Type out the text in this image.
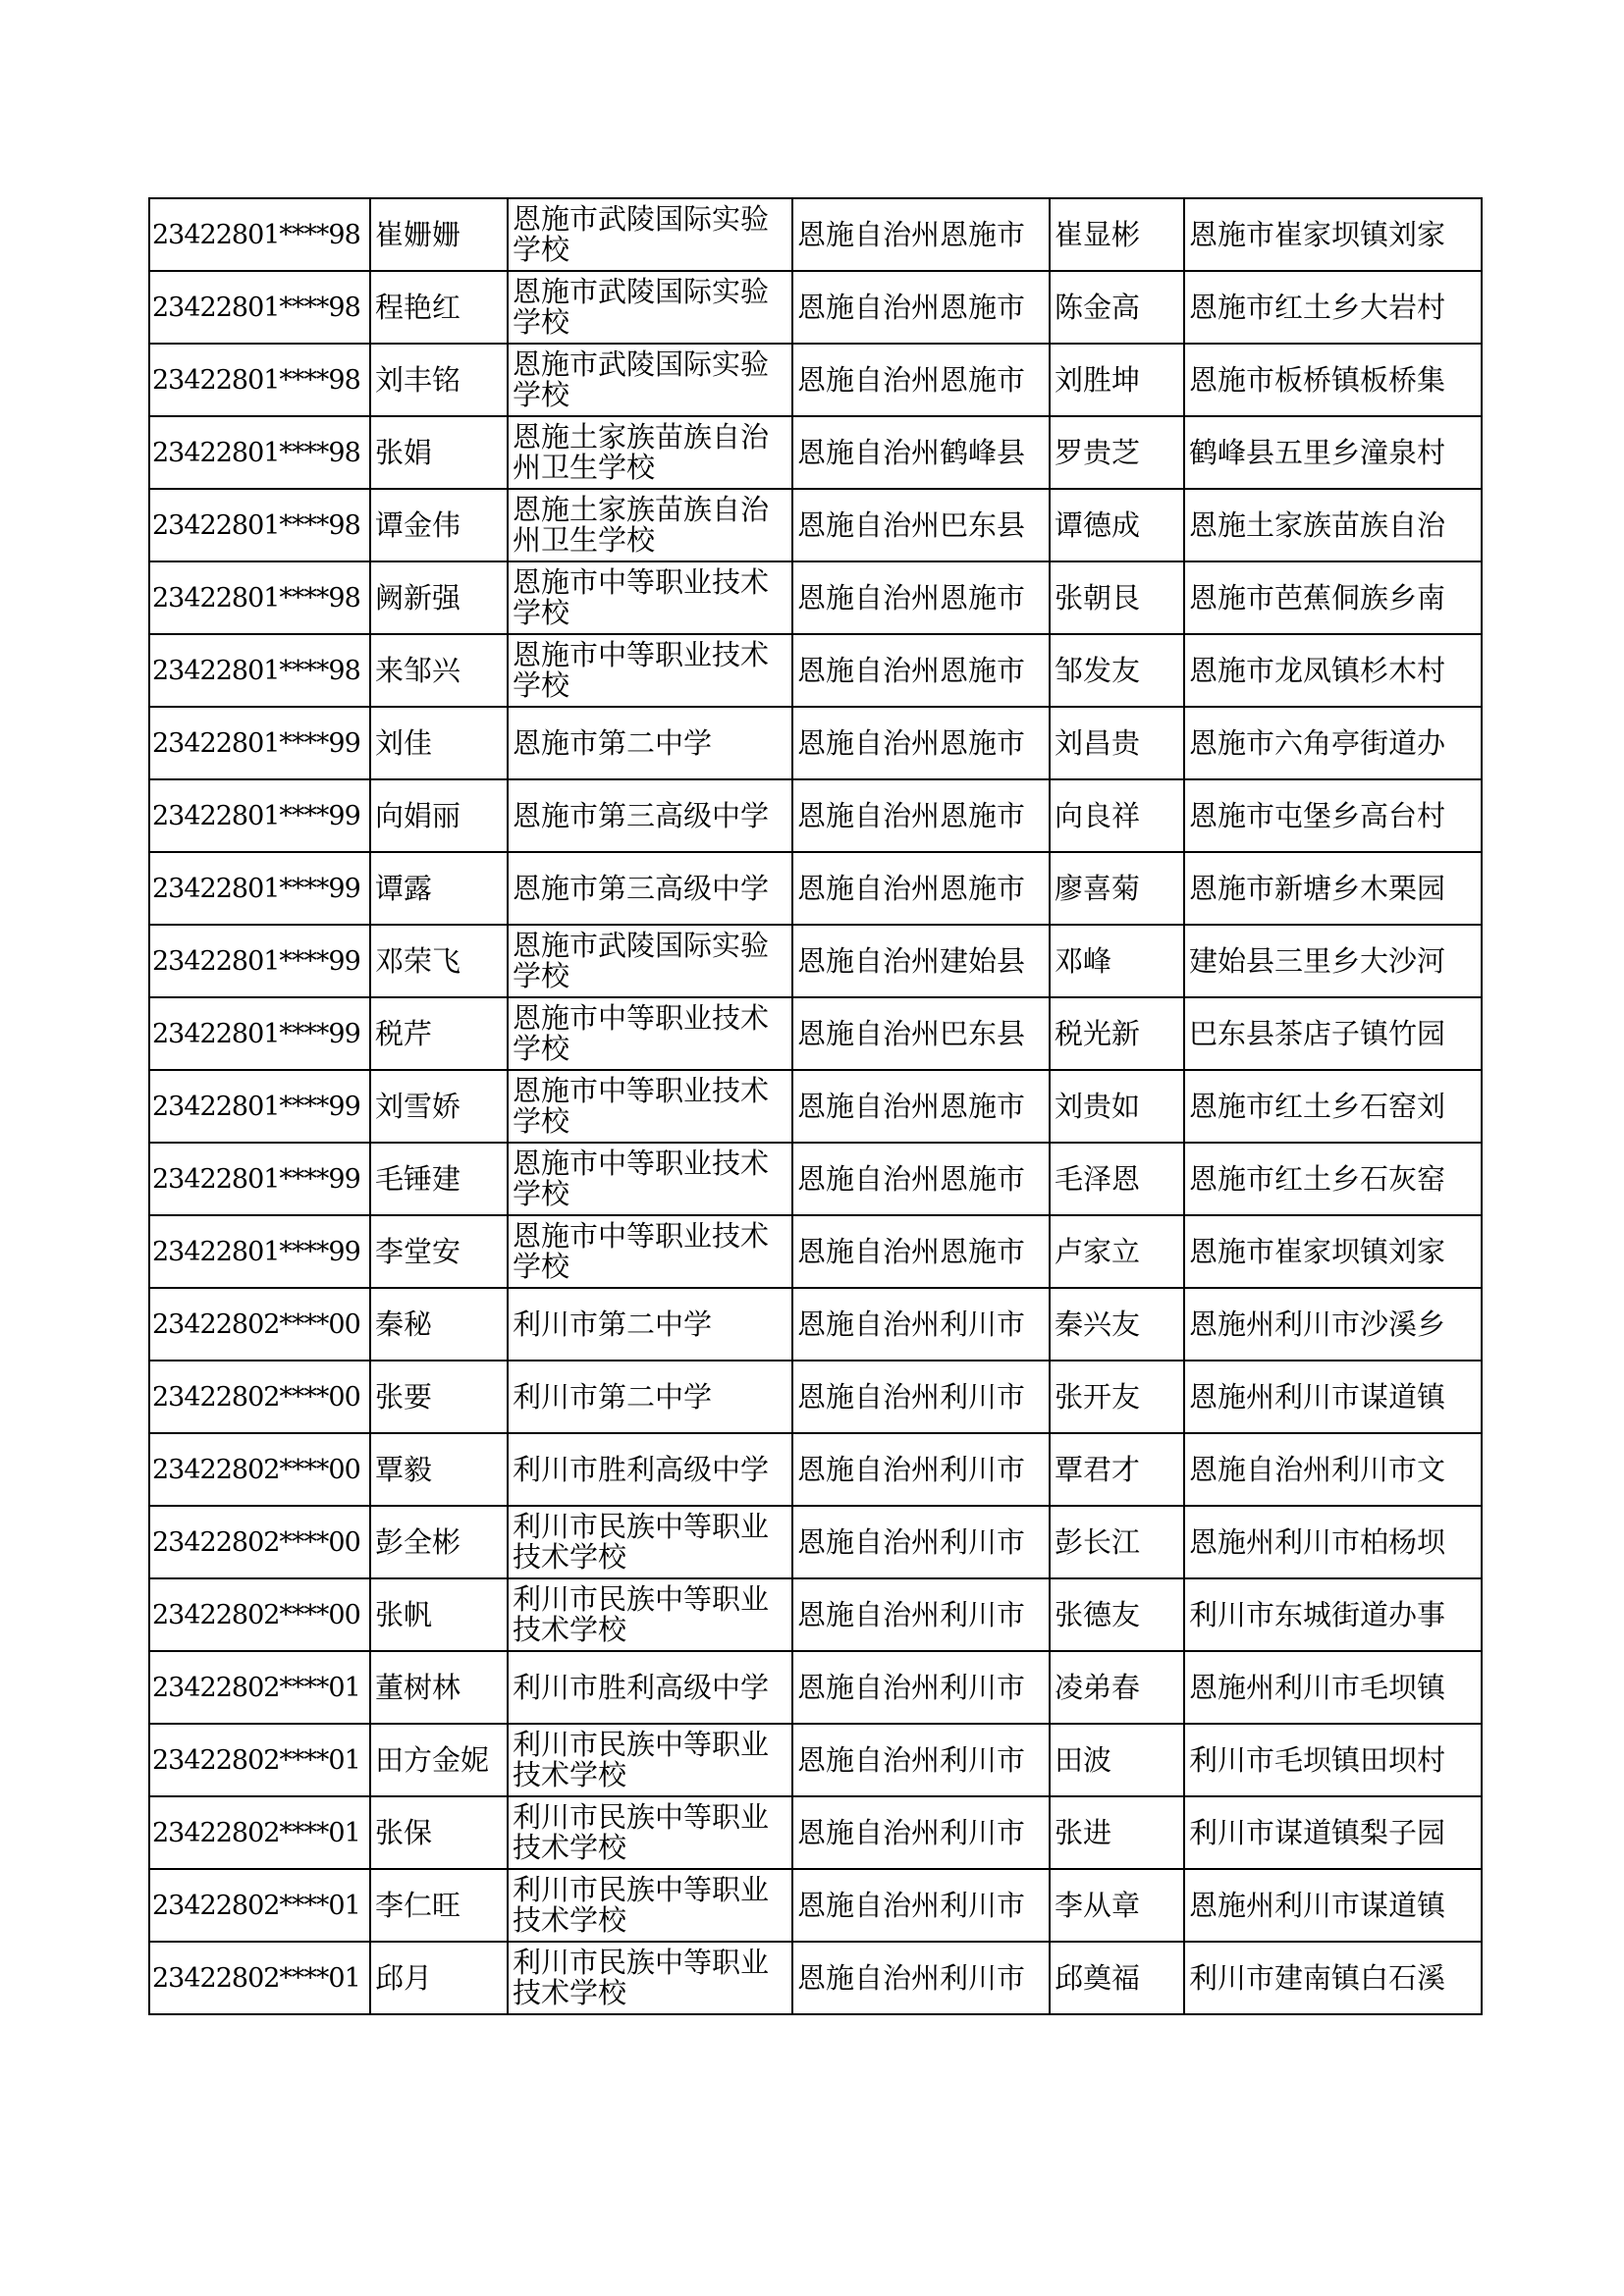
23422801****98	崔姗姗	恩施市武陵国际实验学校	恩施自治州恩施市	崔显彬	恩施市崔家坝镇刘家
23422801****98	程艳红	恩施市武陵国际实验学校	恩施自治州恩施市	陈金高	恩施市红土乡大岩村
23422801****98	刘丰铭	恩施市武陵国际实验学校	恩施自治州恩施市	刘胜坤	恩施市板桥镇板桥集
23422801****98	张娟	恩施土家族苗族自治州卫生学校	恩施自治州鹤峰县	罗贵芝	鹤峰县五里乡潼泉村
23422801****98	谭金伟	恩施土家族苗族自治州卫生学校	恩施自治州巴东县	谭德成	恩施土家族苗族自治
23422801****98	阙新强	恩施市中等职业技术学校	恩施自治州恩施市	张朝艮	恩施市芭蕉侗族乡南
23422801****98	来邹兴	恩施市中等职业技术学校	恩施自治州恩施市	邹发友	恩施市龙凤镇杉木村
23422801****99	刘佳	恩施市第二中学	恩施自治州恩施市	刘昌贵	恩施市六角亭街道办
23422801****99	向娟丽	恩施市第三高级中学	恩施自治州恩施市	向良祥	恩施市屯堡乡高台村
23422801****99	谭露	恩施市第三高级中学	恩施自治州恩施市	廖喜菊	恩施市新塘乡木栗园
23422801****99	邓荣飞	恩施市武陵国际实验学校	恩施自治州建始县	邓峰	建始县三里乡大沙河
23422801****99	税芹	恩施市中等职业技术学校	恩施自治州巴东县	税光新	巴东县茶店子镇竹园
23422801****99	刘雪娇	恩施市中等职业技术学校	恩施自治州恩施市	刘贵如	恩施市红土乡石窑刘
23422801****99	毛锤建	恩施市中等职业技术学校	恩施自治州恩施市	毛泽恩	恩施市红土乡石灰窑
23422801****99	李堂安	恩施市中等职业技术学校	恩施自治州恩施市	卢家立	恩施市崔家坝镇刘家
23422802****00	秦秘	利川市第二中学	恩施自治州利川市	秦兴友	恩施州利川市沙溪乡
23422802****00	张要	利川市第二中学	恩施自治州利川市	张开友	恩施州利川市谋道镇
23422802****00	覃毅	利川市胜利高级中学	恩施自治州利川市	覃君才	恩施自治州利川市文
23422802****00	彭全彬	利川市民族中等职业技术学校	恩施自治州利川市	彭长江	恩施州利川市柏杨坝
23422802****00	张帆	利川市民族中等职业技术学校	恩施自治州利川市	张德友	利川市东城街道办事
23422802****01	董树林	利川市胜利高级中学	恩施自治州利川市	凌弟春	恩施州利川市毛坝镇
23422802****01	田方金妮	利川市民族中等职业技术学校	恩施自治州利川市	田波	利川市毛坝镇田坝村
23422802****01	张保	利川市民族中等职业技术学校	恩施自治州利川市	张进	利川市谋道镇梨子园
23422802****01	李仁旺	利川市民族中等职业技术学校	恩施自治州利川市	李从章	恩施州利川市谋道镇
23422802****01	邱月	利川市民族中等职业技术学校	恩施自治州利川市	邱奠福	利川市建南镇白石溪
